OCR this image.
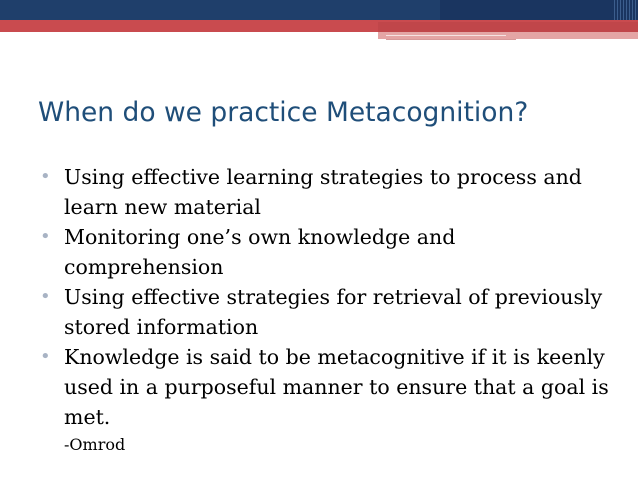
When do we practice Metacognition?
• Using effective learning strategies to process and learn new material
• Monitoring one’s own knowledge and comprehension
• Using effective strategies for retrieval of previously stored information
• Knowledge is said to be metacognitive if it is keenly used in a purposeful manner to ensure that a goal is met.
-Omrod
